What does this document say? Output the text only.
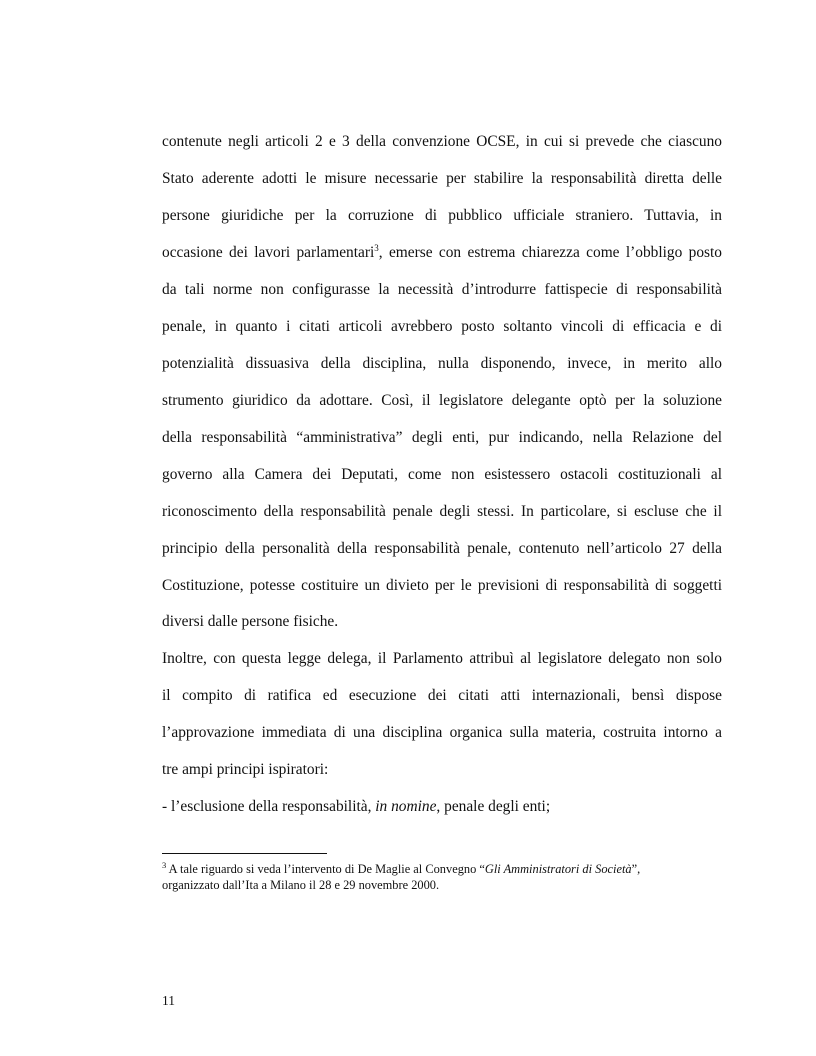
contenute negli articoli 2 e 3 della convenzione OCSE, in cui si prevede che ciascuno
Stato aderente adotti le misure necessarie per stabilire la responsabilità diretta delle
persone giuridiche per la corruzione di pubblico ufficiale straniero. Tuttavia, in
occasione dei lavori parlamentari$^3$, emerse con estrema chiarezza come l’obbligo posto
da tali norme non configurasse la necessità d’introdurre fattispecie di responsabilità
penale, in quanto i citati articoli avrebbero posto soltanto vincoli di efficacia e di
potenzialità dissuasiva della disciplina, nulla disponendo, invece, in merito allo
strumento giuridico da adottare. Così, il legislatore delegante optò per la soluzione
della responsabilità “amministrativa” degli enti, pur indicando, nella Relazione del
governo alla Camera dei Deputati, come non esistessero ostacoli costituzionali al
riconoscimento della responsabilità penale degli stessi. In particolare, si escluse che il
principio della personalità della responsabilità penale, contenuto nell’articolo 27 della
Costituzione, potesse costituire un divieto per le previsioni di responsabilità di soggetti
diversi dalle persone fisiche.
Inoltre, con questa legge delega, il Parlamento attribuì al legislatore delegato non solo
il compito di ratifica ed esecuzione dei citati atti internazionali, bensì dispose
l’approvazione immediata di una disciplina organica sulla materia, costruita intorno a
tre ampi principi ispiratori:
- l’esclusione della responsabilità, in nomine, penale degli enti;
$^3$ A tale riguardo si veda l’intervento di De Maglie al Convegno “Gli Amministratori di Società”,
organizzato dall’Ita a Milano il 28 e 29 novembre 2000.
11
